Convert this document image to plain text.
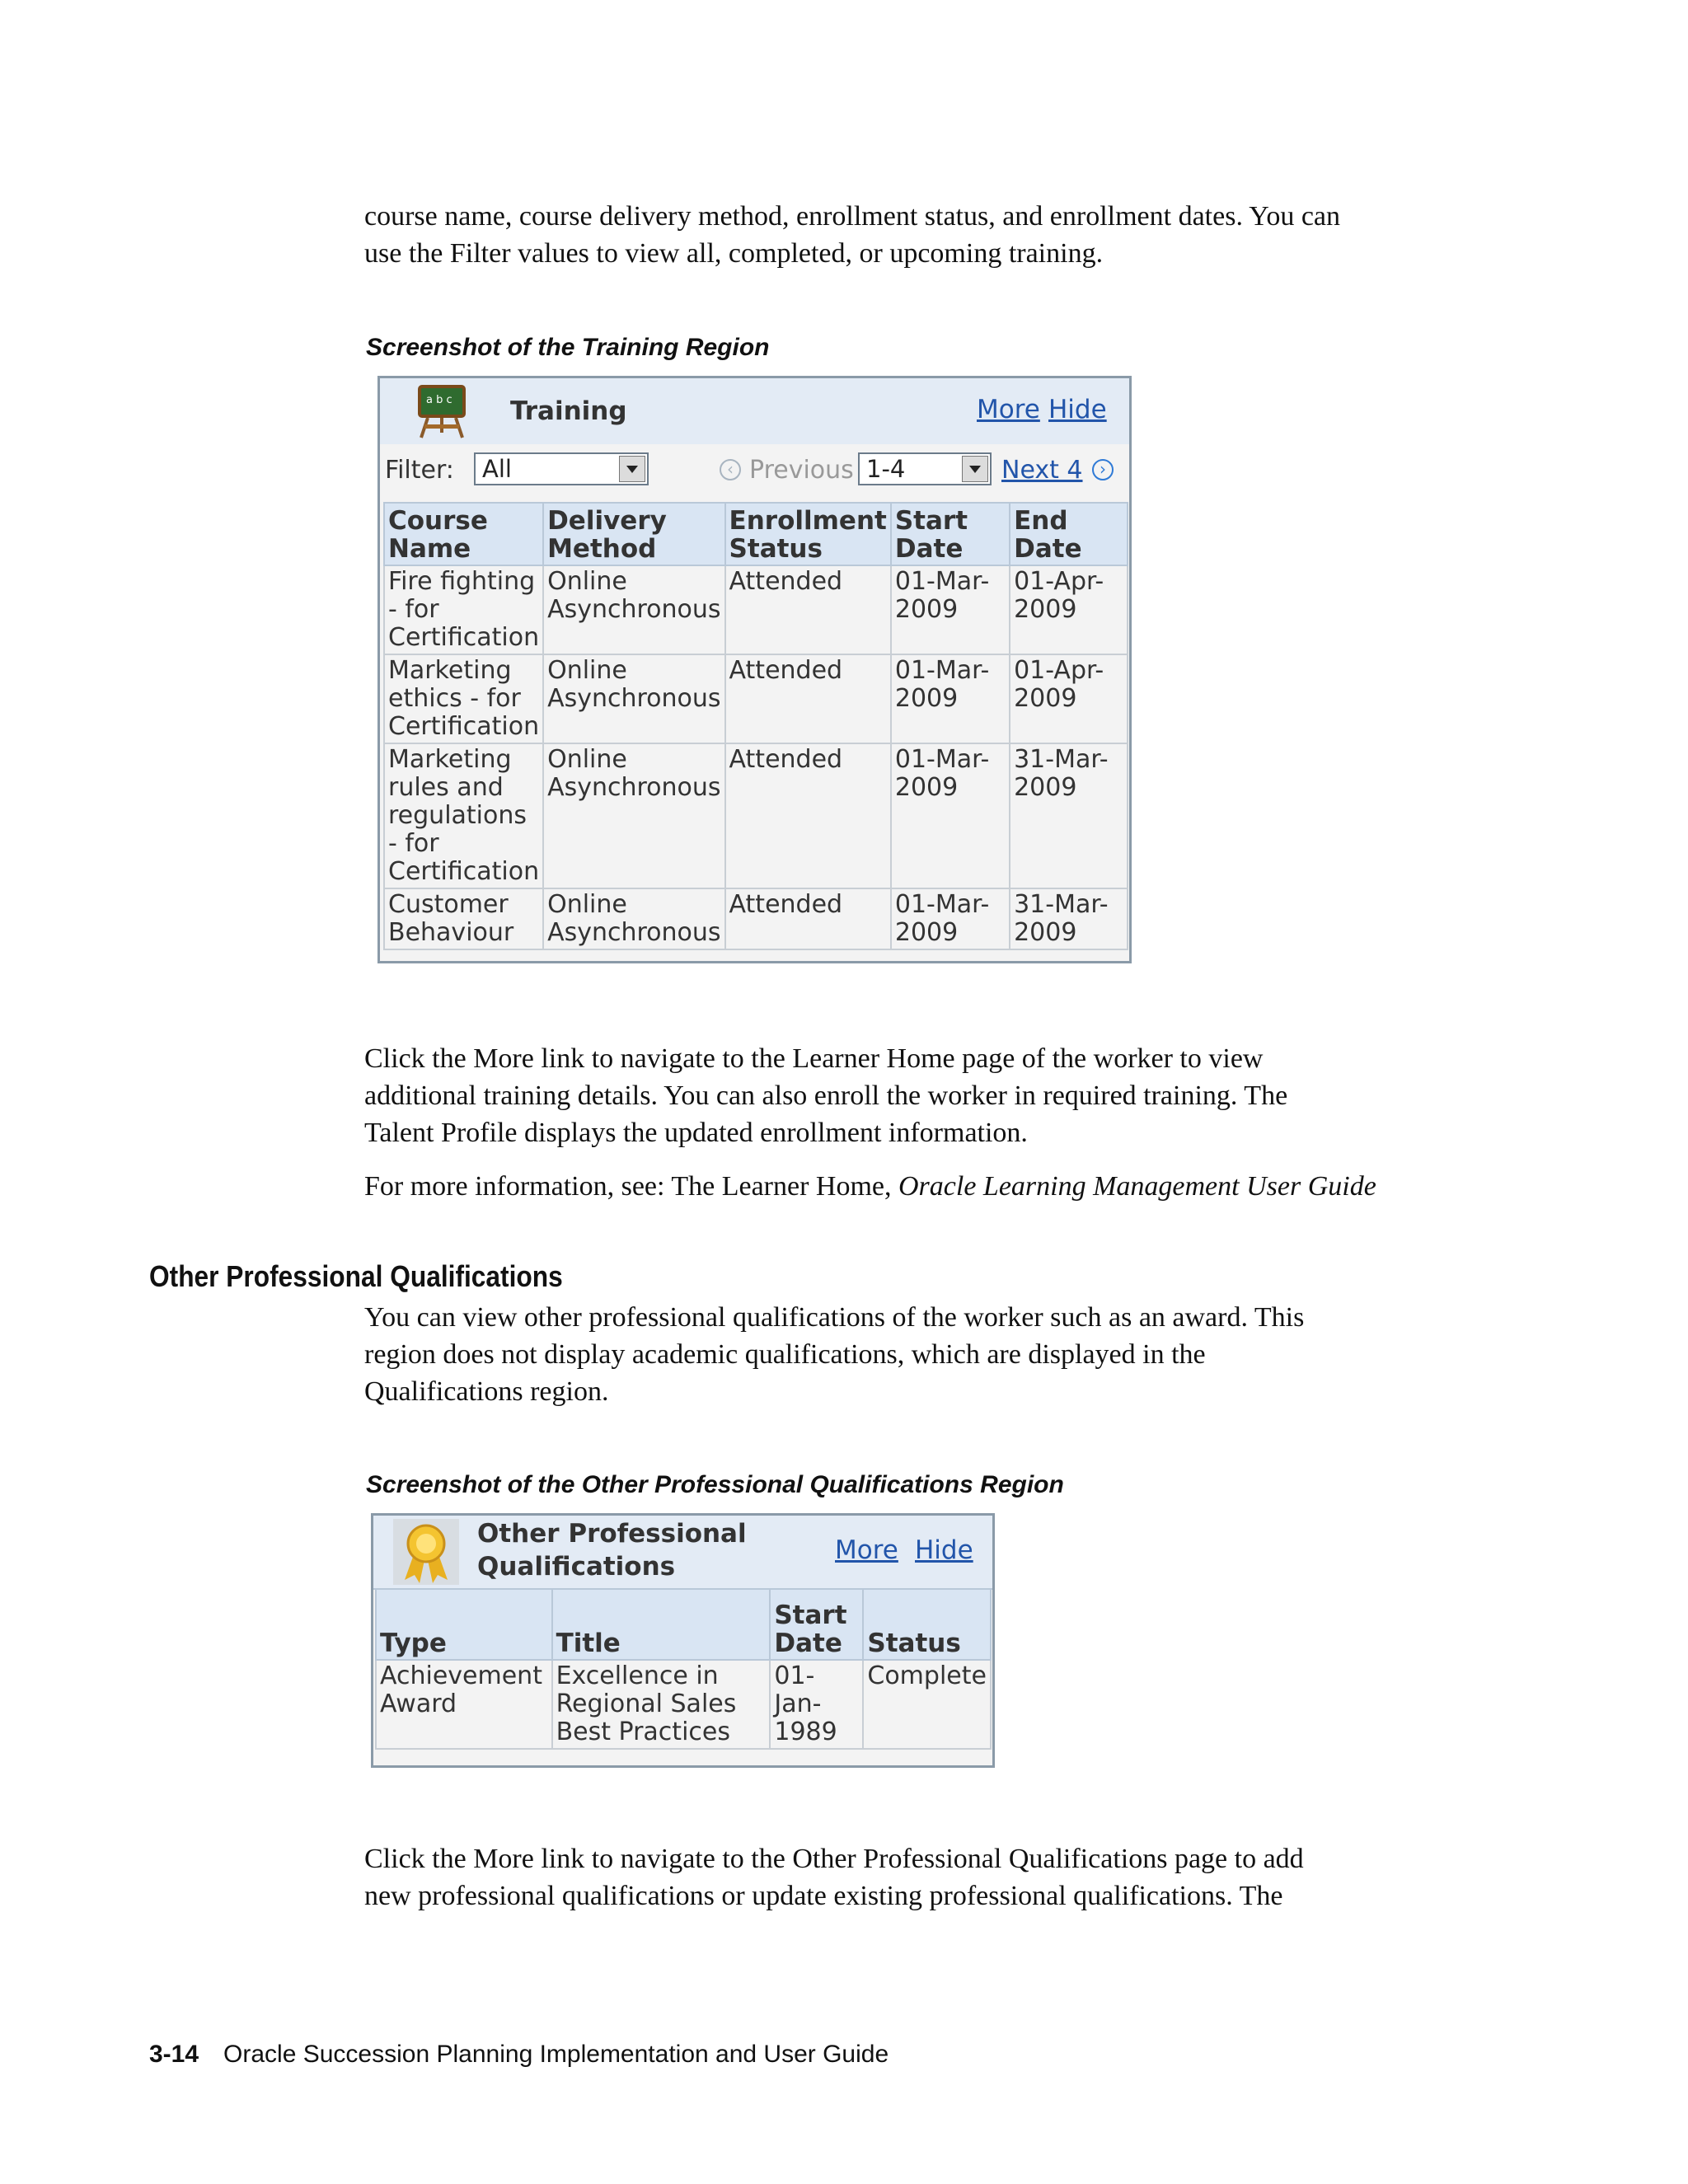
course name, course delivery method, enrollment status, and enrollment dates. You can
use the Filter values to view all, completed, or upcoming training.
Screenshot of the Training Region
a b c Training	More Hide
Filter:	All	‹ Previous 1-4	Next 4	›
Course Name	Delivery Method	Enrollment Status	Start Date	End Date
Fire fighting - for Certification	Online Asynchronous	Attended	01-Mar-2009	01-Apr-2009
Marketing ethics - for Certification	Online Asynchronous	Attended	01-Mar-2009	01-Apr-2009
Marketing rules and regulations - for Certification	Online Asynchronous	Attended	01-Mar-2009	31-Mar-2009
Customer Behaviour	Online Asynchronous	Attended	01-Mar-2009	31-Mar-2009
Click the More link to navigate to the Learner Home page of the worker to view
additional training details. You can also enroll the worker in required training. The
Talent Profile displays the updated enrollment information.
For more information, see: The Learner Home, Oracle Learning Management User Guide
Other Professional Qualifications
You can view other professional qualifications of the worker such as an award. This
region does not display academic qualifications, which are displayed in the
Qualifications region.
Screenshot of the Other Professional Qualifications Region
Other Professional
Qualifications
More Hide
Type	Title	Start Date	Status
Achievement Award	Excellence in Regional Sales Best Practices	01-Jan-1989	Complete
Click the More link to navigate to the Other Professional Qualifications page to add
new professional qualifications or update existing professional qualifications. The
3-14 Oracle Succession Planning Implementation and User Guide
